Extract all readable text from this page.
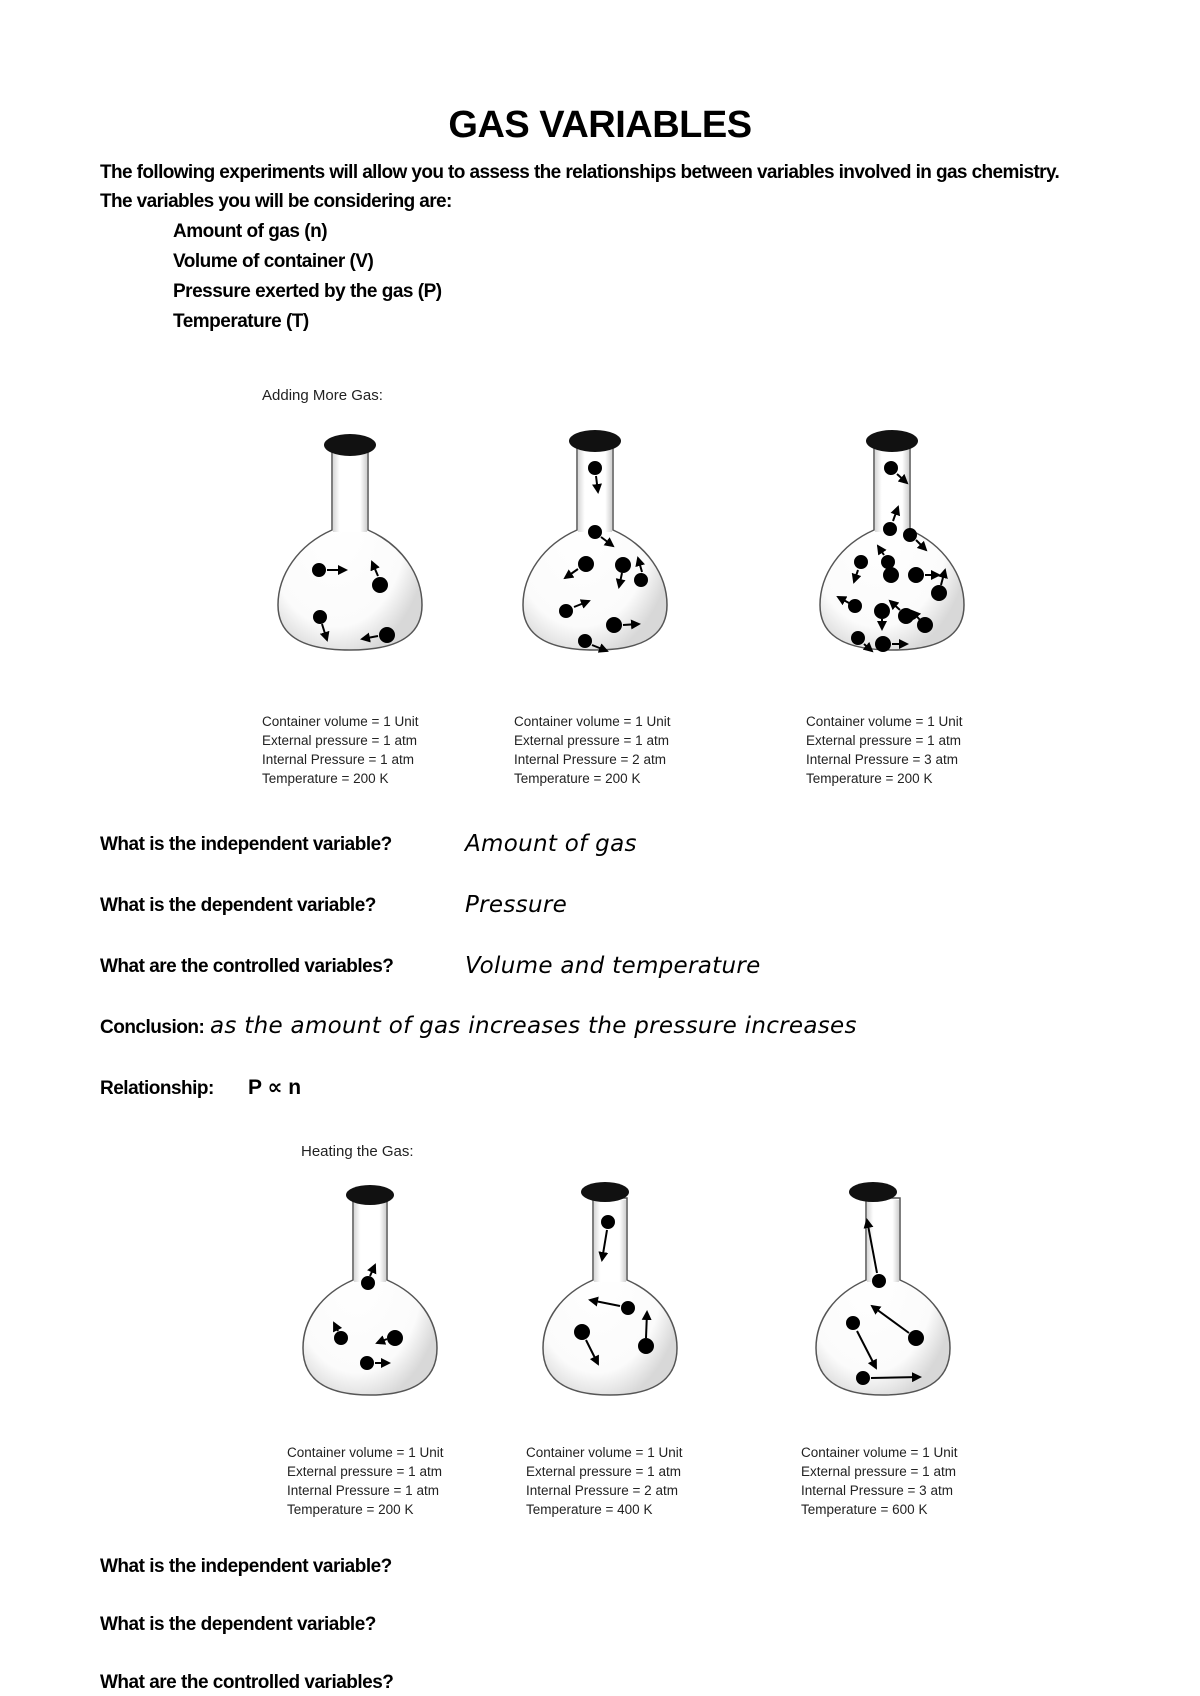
GAS VARIABLES
The following experiments will allow you to assess the relationships between variables involved in gas chemistry.
The variables you will be considering are:
Amount of gas (n)
Volume of container (V)
Pressure exerted by the gas (P)
Temperature (T)
Adding More Gas:
Container volume = 1 Unit
External pressure = 1 atm
Internal Pressure = 1 atm
Temperature = 200 K
Container volume = 1 Unit
External pressure = 1 atm
Internal Pressure = 2 atm
Temperature = 200 K
Container volume = 1 Unit
External pressure = 1 atm
Internal Pressure = 3 atm
Temperature = 200 K
What is the independent variable?	Amount of gas
What is the dependent variable?	Pressure
What are the controlled variables?	Volume and temperature
Conclusion: as the amount of gas increases the pressure increases
Relationship: P ∝ n
Heating the Gas:
Container volume = 1 Unit
External pressure = 1 atm
Internal Pressure = 1 atm
Temperature = 200 K
Container volume = 1 Unit
External pressure = 1 atm
Internal Pressure = 2 atm
Temperature = 400 K
Container volume = 1 Unit
External pressure = 1 atm
Internal Pressure = 3 atm
Temperature = 600 K
What is the independent variable?
What is the dependent variable?
What are the controlled variables?
